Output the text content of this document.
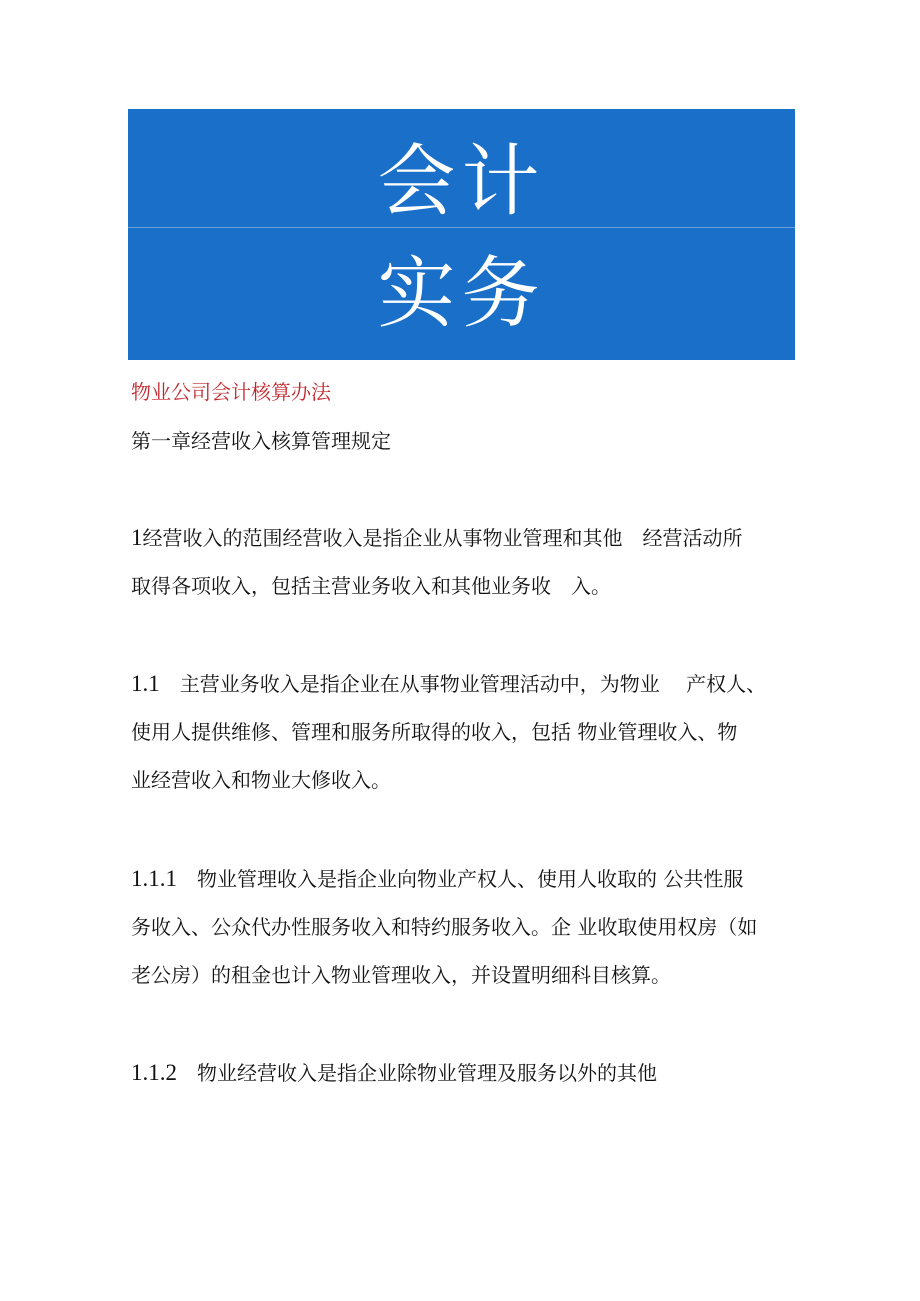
会计
实务
物业公司会计核算办法
第一章经营收入核算管理规定
1经营收入的范围经营收入是指企业从事物业管理和其他　经营活动所
取得各项收入，包括主营业务收入和其他业务收　入。
1.1　主营业务收入是指企业在从事物业管理活动中，为物业　 产权人、
使用人提供维修、管理和服务所取得的收入，包括 物业管理收入、物
业经营收入和物业大修收入。
1.1.1　物业管理收入是指企业向物业产权人、使用人收取的 公共性服
务收入、公众代办性服务收入和特约服务收入。企 业收取使用权房（如
老公房）的租金也计入物业管理收入，并设置明细科目核算。
1.1.2　物业经营收入是指企业除物业管理及服务以外的其他
